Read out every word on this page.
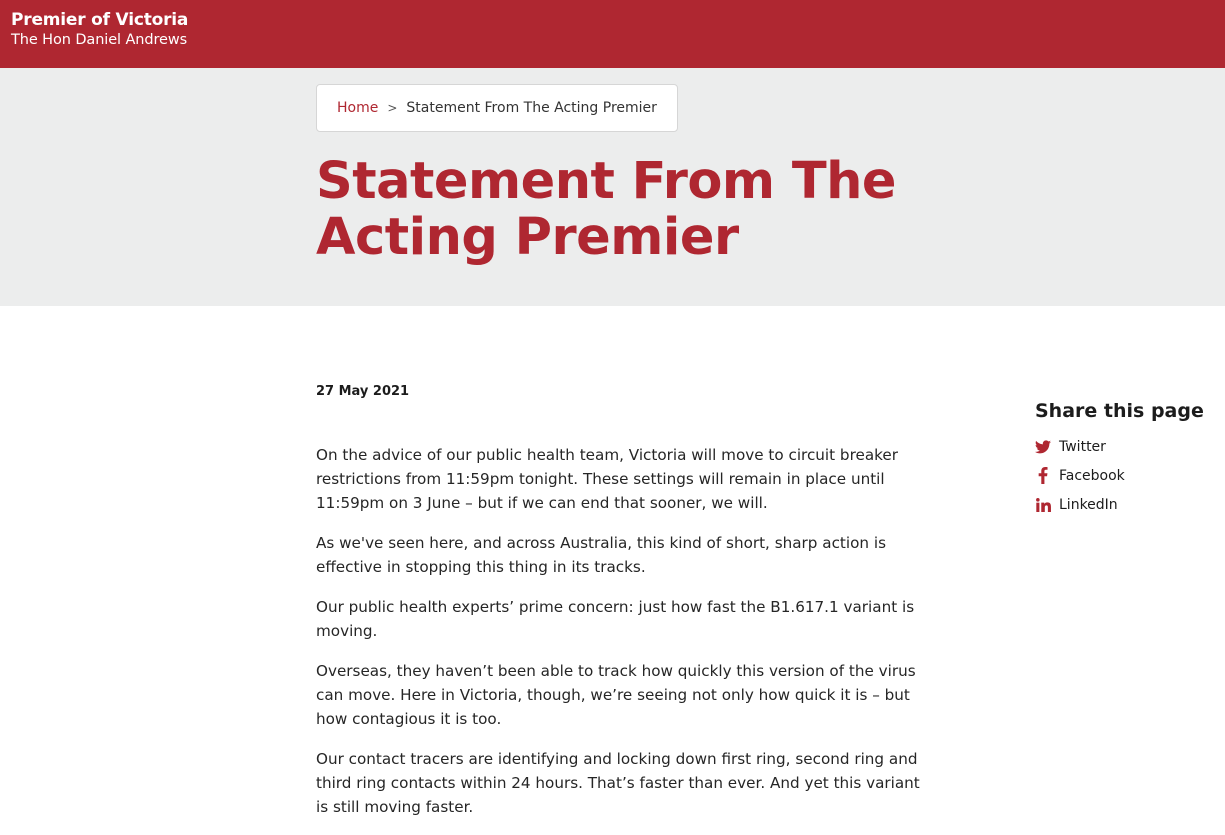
Premier of Victoria
The Hon Daniel Andrews
Home > Statement From The Acting Premier
Statement From The Acting Premier

27 May 2021

On the advice of our public health team, Victoria will move to circuit breaker restrictions from 11:59pm tonight. These settings will remain in place until 11:59pm on 3 June – but if we can end that sooner, we will.

As we've seen here, and across Australia, this kind of short, sharp action is effective in stopping this thing in its tracks.

Our public health experts’ prime concern: just how fast the B1.617.1 variant is moving.

Overseas, they haven’t been able to track how quickly this version of the virus can move. Here in Victoria, though, we’re seeing not only how quick it is – but how contagious it is too.

Our contact tracers are identifying and locking down first ring, second ring and third ring contacts within 24 hours. That’s faster than ever. And yet this variant is still moving faster.

Share this page
Twitter
Facebook
LinkedIn
